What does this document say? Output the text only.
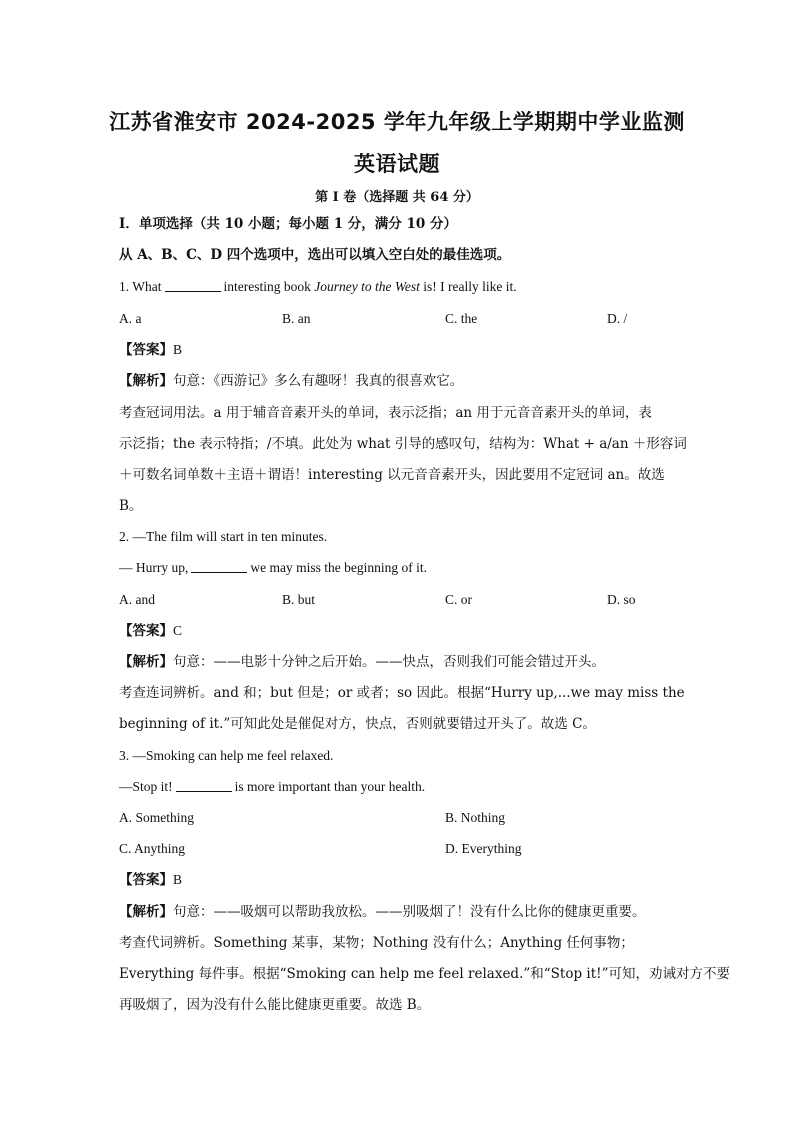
江苏省淮安市 2024-2025 学年九年级上学期期中学业监测
英语试题
第 I 卷（选择题 共 64 分）
Ⅰ．单项选择（共 10 小题；每小题 1 分，满分 10 分）
从 A、B、C、D 四个选项中，选出可以填入空白处的最佳选项。
1. What	interesting book Journey to the West is! I really like it.
A. a	B. an	C. the	D. /
【答案】B
【解析】句意：《西游记》多么有趣呀！我真的很喜欢它。
考查冠词用法。a 用于辅音音素开头的单词，表示泛指；an 用于元音音素开头的单词，表
示泛指；the 表示特指；/不填。此处为 what 引导的感叹句，结构为：What + a/an ＋形容词
＋可数名词单数＋主语＋谓语！interesting 以元音音素开头，因此要用不定冠词 an。故选
B。
2. —The film will start in ten minutes.
— Hurry up,	we may miss the beginning of it.
A. and	B. but	C. or	D. so
【答案】C
【解析】句意：——电影十分钟之后开始。——快点，否则我们可能会错过开头。
考查连词辨析。and 和；but 但是；or 或者；so 因此。根据“Hurry up,...we may miss the
beginning of it.”可知此处是催促对方，快点，否则就要错过开头了。故选 C。
3. —Smoking can help me feel relaxed.
—Stop it!	is more important than your health.
A. Something	B. Nothing
C. Anything	D. Everything
【答案】B
【解析】句意：——吸烟可以帮助我放松。——别吸烟了！没有什么比你的健康更重要。
考查代词辨析。Something 某事，某物；Nothing 没有什么；Anything 任何事物；
Everything 每件事。根据“Smoking can help me feel relaxed.”和“Stop it!”可知，劝诫对方不要
再吸烟了，因为没有什么能比健康更重要。故选 B。
